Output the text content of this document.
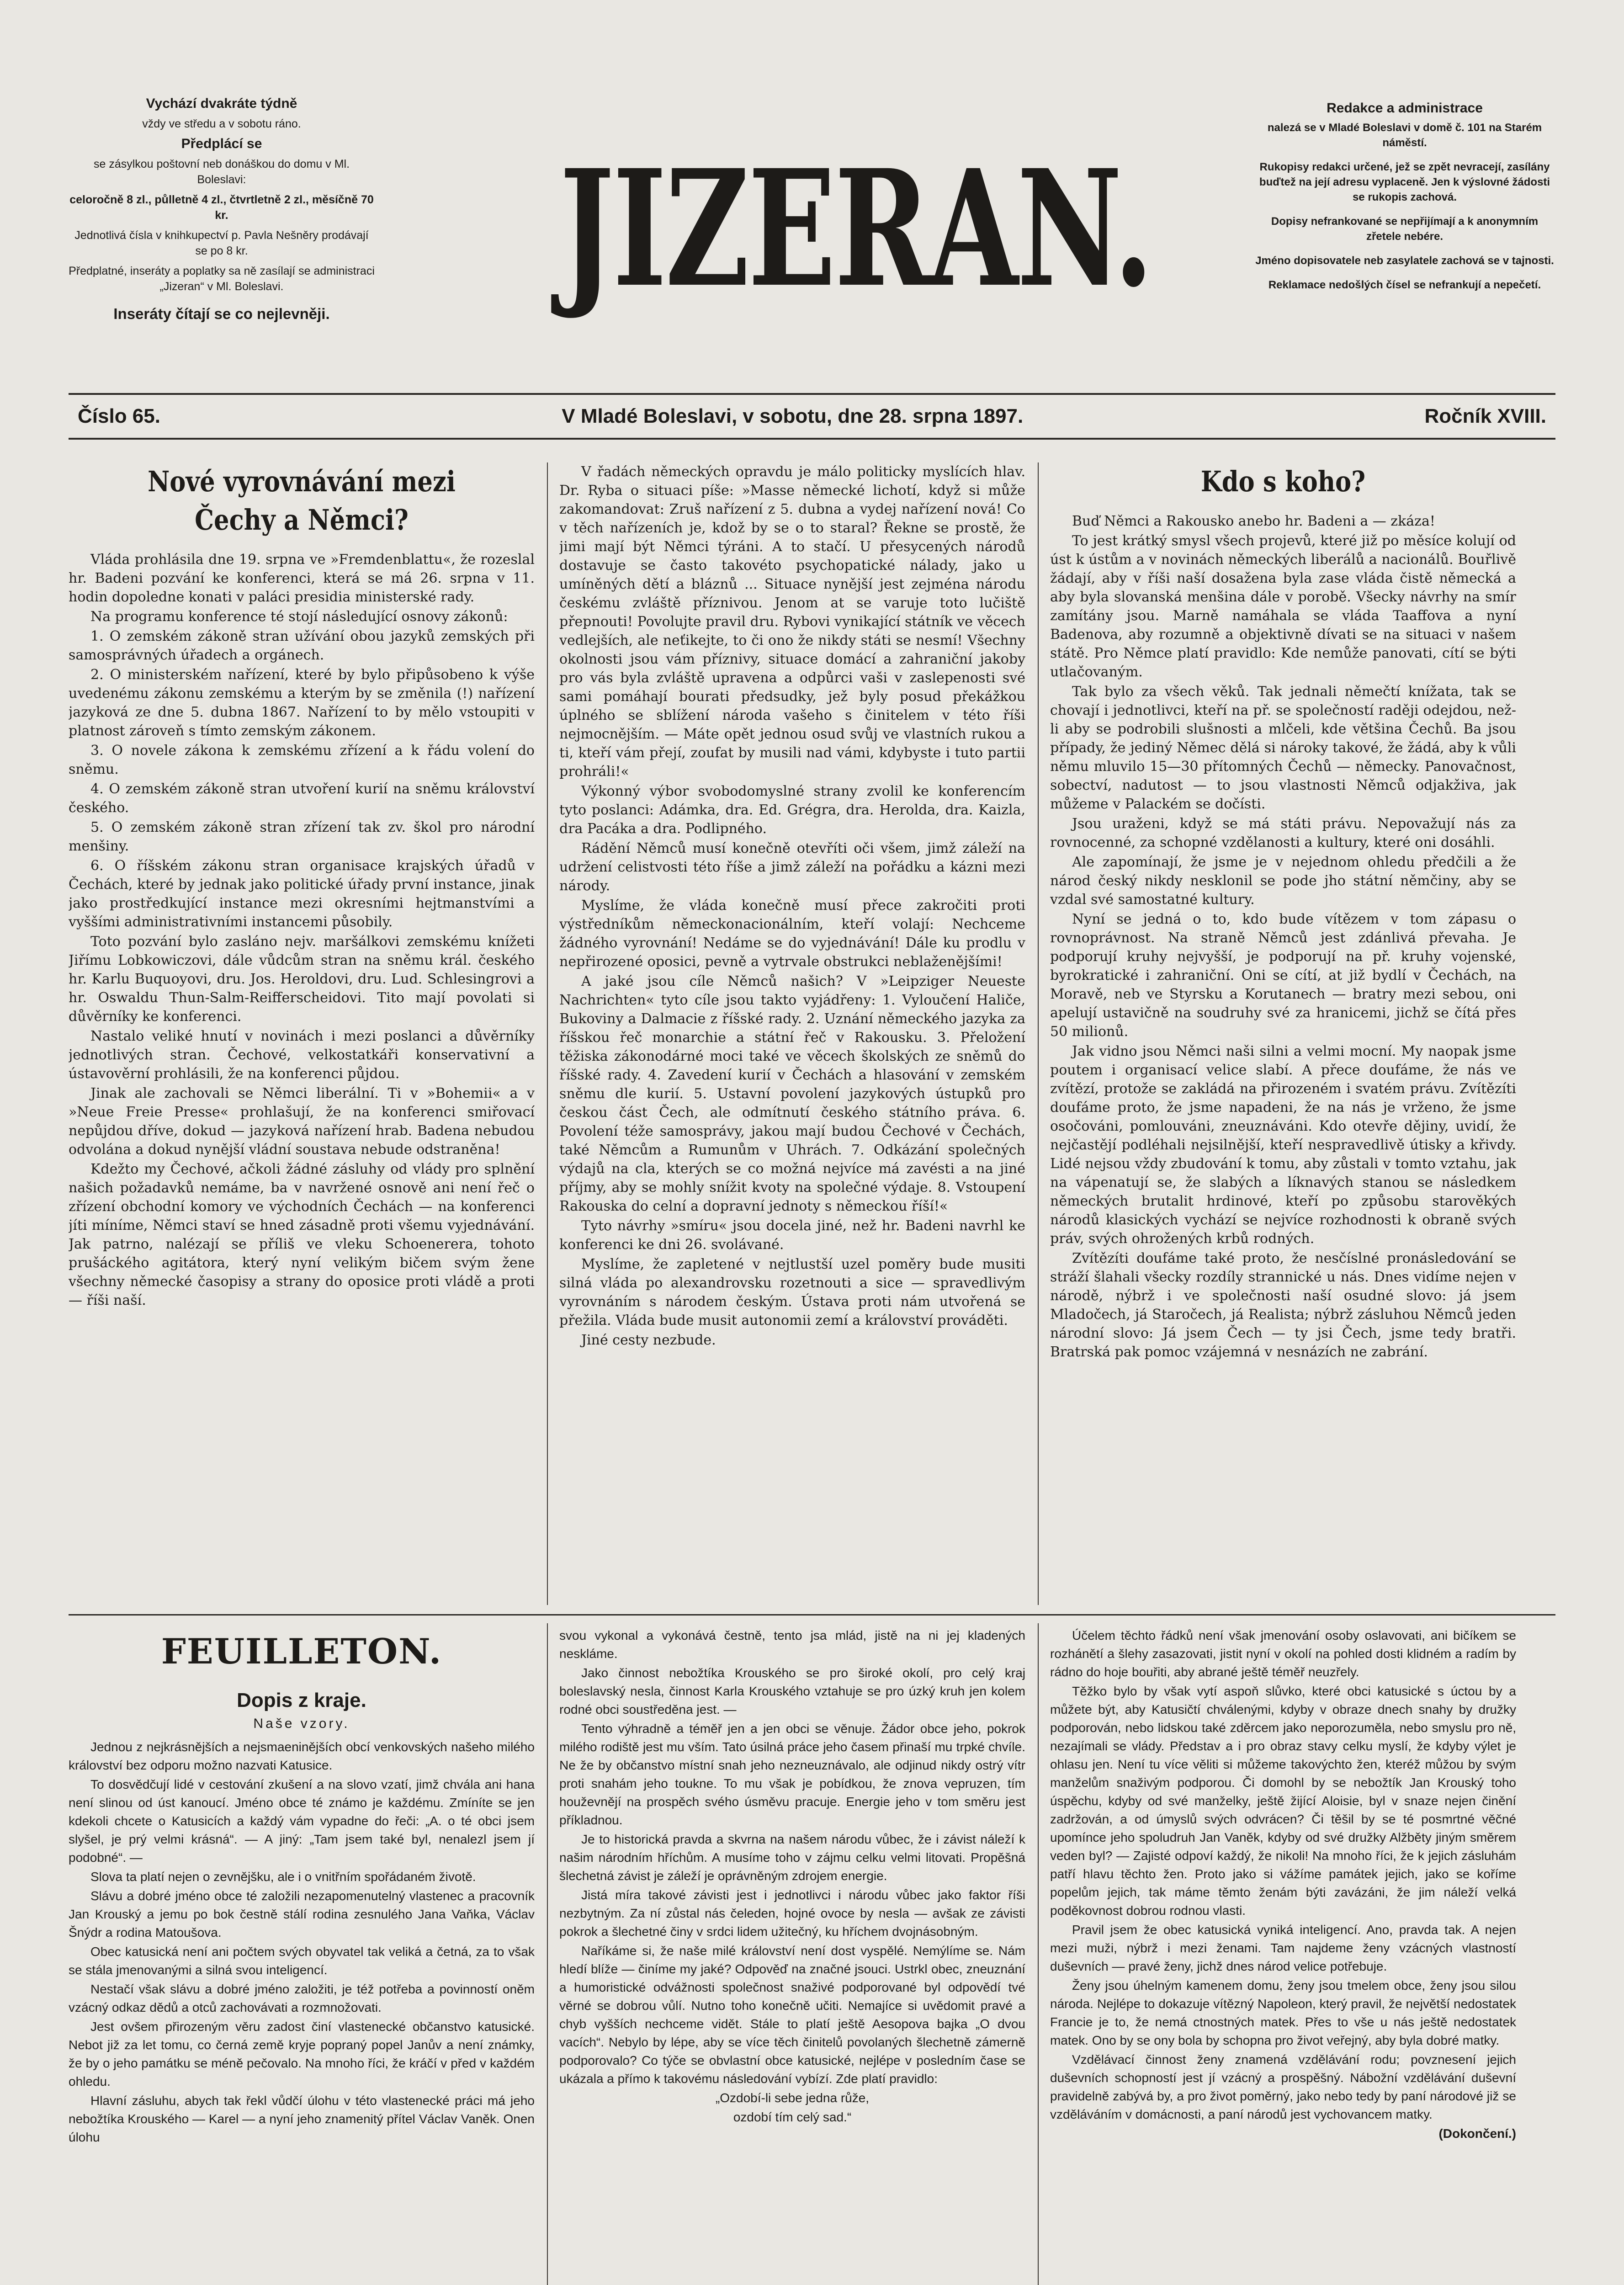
Vychází dvakráte týdně

vždy ve středu a v sobotu ráno.

Předplácí se

se zásylkou poštovní neb donáškou do domu v Ml. Boleslavi:

celoročně 8 zl., půlletně 4 zl., čtvrtletně 2 zl., měsíčně 70 kr.

Jednotlivá čísla v knihkupectví p. Pavla Nešněry prodávají se po 8 kr.

Předplatné, inseráty a poplatky sa ně zasílají se administraci „Jizeran“ v Ml. Boleslavi.

Inseráty čítají se co nejlevněji. JIZERAN.

Redakce a administrace

nalezá se v Mladé Boleslavi v domě č. 101 na Starém náměstí.

Rukopisy redakci určené, jež se zpět nevracejí, zasílány buďtež na její adresu vyplaceně. Jen k výslovné žádosti se rukopis zachová.

Dopisy nefrankované se nepřijímají a k anonymním zřetele nebére.

Jméno dopisovatele neb zasylatele zachová se v tajnosti.

Reklamace nedošlých čísel se nefrankují a nepečetí.

Číslo 65.	V Mladé Boleslavi, v sobotu, dne 28. srpna 1897.	Ročník XVIII.
Nové vyrovnávání mezi Čechy a Němci?

Vláda prohlásila dne 19. srpna ve »Fremdenblattu«, že rozeslal hr. Badeni pozvání ke konferenci, která se má 26. srpna v 11. hodin dopoledne konati v paláci presidia ministerské rady.

Na programu konference té stojí následující osnovy zákonů:

1. O zemském zákoně stran užívání obou jazyků zemských při samosprávných úřadech a orgánech.

2. O ministerském nařízení, které by bylo připůsobeno k výše uvedenému zákonu zemskému a kterým by se změnila (!) nařízení jazyková ze dne 5. dubna 1867. Nařízení to by mělo vstoupiti v platnost zároveň s tímto zemským zákonem.

3. O novele zákona k zemskému zřízení a k řádu volení do sněmu.

4. O zemském zákoně stran utvoření kurií na sněmu království českého.

5. O zemském zákoně stran zřízení tak zv. škol pro národní menšiny.

6. O říšském zákonu stran organisace krajských úřadů v Čechách, které by jednak jako politické úřady první instance, jinak jako prostředkující instance mezi okresními hejtmanstvími a vyššími administrativními instancemi působily.

Toto pozvání bylo zasláno nejv. maršálkovi zemskému knížeti Jiřímu Lobkowiczovi, dále vůdcům stran na sněmu král. českého hr. Karlu Buquoyovi, dru. Jos. Heroldovi, dru. Lud. Schlesingrovi a hr. Oswaldu Thun-Salm-Reifferscheidovi. Tito mají povolati si důvěrníky ke konferenci.

Nastalo veliké hnutí v novinách i mezi poslanci a důvěrníky jednotlivých stran. Čechové, velkostatkáři konservativní a ústavověrní prohlásili, že na konferenci půjdou.

Jinak ale zachovali se Němci liberální. Ti v »Bohemii« a v »Neue Freie Presse« prohlašují, že na konferenci smiřovací nepůjdou dříve, dokud — jazyková nařízení hrab. Badena nebudou odvolána a dokud nynější vládní soustava nebude odstraněna!

Kdežto my Čechové, ačkoli žádné zásluhy od vlády pro splnění našich požadavků nemáme, ba v navržené osnově ani není řeč o zřízení obchodní komory ve východních Čechách — na konferenci jíti míníme, Němci staví se hned zásadně proti všemu vyjednávání. Jak patrno, nalézají se příliš ve vleku Schoenerera, tohoto prušáckého agitátora, který nyní velikým bičem svým žene všechny německé časopisy a strany do oposice proti vládě a proti — říši naší.

V řadách německých opravdu je málo politicky myslících hlav. Dr. Ryba o situaci píše: »Masse německé lichotí, když si může zakomandovat: Zruš nařízení z 5. dubna a vydej nařízení nová! Co v těch nařízeních je, kdož by se o to staral? Řekne se prostě, že jimi mají být Němci týráni. A to stačí. U přesycených národů dostavuje se často takovéto psychopatické nálady, jako u umíněných dětí a bláznů ... Situace nynější jest zejména národu českému zvláště příznivou. Jenom at se varuje toto lučiště přepnouti! Povolujte pravil dru. Rybovi vynikající státník ve věcech vedlejších, ale neťikejte, to či ono že nikdy státi se nesmí! Všechny okolnosti jsou vám příznivy, situace domácí a zahraniční jakoby pro vás byla zvláště upravena a odpůrci vaši v zaslepenosti své sami pomáhají bourati předsudky, jež byly posud překážkou úplného se sblížení národa vašeho s činitelem v této říši nejmocnějším. — Máte opět jednou osud svůj ve vlastních rukou a ti, kteří vám přejí, zoufat by musili nad vámi, kdybyste i tuto partii prohráli!«

Výkonný výbor svobodomyslné strany zvolil ke konferencím tyto poslanci: Adámka, dra. Ed. Grégra, dra. Herolda, dra. Kaizla, dra Pacáka a dra. Podlipného.

Rádění Němců musí konečně otevříti oči všem, jimž záleží na udržení celistvosti této říše a jimž záleží na pořádku a kázni mezi národy.

Myslíme, že vláda konečně musí přece zakročiti proti výstředníkům německonacionálním, kteří volají: Nechceme žádného vyrovnání! Nedáme se do vyjednávání! Dále ku prodlu v nepřirozené oposici, pevně a vytrvale obstrukci neblaženějšími!

A jaké jsou cíle Němců našich? V »Leipziger Neueste Nachrichten« tyto cíle jsou takto vyjádřeny: 1. Vyloučení Haliče, Bukoviny a Dalmacie z říšské rady. 2. Uznání německého jazyka za říšskou řeč monarchie a státní řeč v Rakousku. 3. Přeložení těžiska zákonodárné moci také ve věcech školských ze sněmů do říšské rady. 4. Zavedení kurií v Čechách a hlasování v zemském sněmu dle kurií. 5. Ustavní povolení jazykových ústupků pro českou část Čech, ale odmítnutí českého státního práva. 6. Povolení téže samosprávy, jakou mají budou Čechové v Čechách, také Němcům a Rumunům v Uhrách. 7. Odkázání společných výdajů na cla, kterých se co možná nejvíce má zavésti a na jiné příjmy, aby se mohly snížit kvoty na společné výdaje. 8. Vstoupení Rakouska do celní a dopravní jednoty s německou říší!«

Tyto návrhy »smíru« jsou docela jiné, než hr. Badeni navrhl ke konferenci ke dni 26. svolávané.

Myslíme, že zapletené v nejtlustší uzel poměry bude musiti silná vláda po alexandrovsku rozetnouti a sice — spravedlivým vyrovnáním s národem českým. Ústava proti nám utvořená se přežila. Vláda bude musit autonomii zemí a království prováděti.

Jiné cesty nezbude.

Kdo s koho?

Buď Němci a Rakousko anebo hr. Badeni a — zkáza!

To jest krátký smysl všech projevů, které již po měsíce kolují od úst k ústům a v novinách německých liberálů a nacionálů. Bouřlivě žádají, aby v říši naší dosažena byla zase vláda čistě německá a aby byla slovanská menšina dále v porobě. Všecky návrhy na smír zamítány jsou. Marně namáhala se vláda Taaffova a nyní Badenova, aby rozumně a objektivně dívati se na situaci v našem státě. Pro Němce platí pravidlo: Kde nemůže panovati, cítí se býti utlačovaným.

Tak bylo za všech věků. Tak jednali němečtí knížata, tak se chovají i jednotlivci, kteří na př. se společností raději odejdou, než-li aby se podrobili slušnosti a mlčeli, kde většina Čechů. Ba jsou případy, že jediný Němec dělá si nároky takové, že žádá, aby k vůli němu mluvilo 15—30 přítomných Čechů — německy. Panovačnost, sobectví, nadutost — to jsou vlastnosti Němců odjakživa, jak můžeme v Palackém se dočísti.

Jsou uraženi, když se má státi právu. Nepovažují nás za rovnocenné, za schopné vzdělanosti a kultury, které oni dosáhli.

Ale zapomínají, že jsme je v nejednom ohledu předčili a že národ český nikdy nesklonil se pode jho státní němčiny, aby se vzdal své samostatné kultury.

Nyní se jedná o to, kdo bude vítězem v tom zápasu o rovnoprávnost. Na straně Němců jest zdánlivá převaha. Je podporují kruhy nejvyšší, je podporují na př. kruhy vojenské, byrokratické i zahraniční. Oni se cítí, at již bydlí v Čechách, na Moravě, neb ve Styrsku a Korutanech — bratry mezi sebou, oni apelují ustavičně na soudruhy své za hranicemi, jichž se čítá přes 50 milionů.

Jak vidno jsou Němci naši silni a velmi mocní. My naopak jsme poutem i organisací velice slabí. A přece doufáme, že nás ve zvítězí, protože se zakládá na přirozeném i svatém právu. Zvítězíti doufáme proto, že jsme napadeni, že na nás je vrženo, že jsme osočováni, pomlouváni, zneuznáváni. Kdo otevře dějiny, uvidí, že nejčastějí podléhali nejsilnější, kteří nespravedlivě útisky a křivdy. Lidé nejsou vždy zbudování k tomu, aby zůstali v tomto vztahu, jak na vápenatují se, že slabých a líknavých stanou se následkem německých brutalit hrdinové, kteří po způsobu starověkých národů klasických vychází se nejvíce rozhodnosti k obraně svých práv, svých ohrožených krbů rodných.

Zvítězíti doufáme také proto, že nesčíslné pronásledování se stráží šlahali všecky rozdíly strannické u nás. Dnes vidíme nejen v národě, nýbrž i ve společnosti naší osudné slovo: já jsem Mladočech, já Staročech, já Realista; nýbrž zásluhou Němců jeden národní slovo: Já jsem Čech — ty jsi Čech, jsme tedy bratři. Bratrská pak pomoc vzájemná v nesnázích ne zabrání.

FEUILLETON.
Dopis z kraje.
Naše vzory.

Jednou z nejkrásnějších a nejsmaeninějších obcí venkovských našeho milého království bez odporu možno nazvati Katusice.

To dosvědčují lidé v cestování zkušení a na slovo vzatí, jimž chvála ani hana není slinou od úst kanoucí. Jméno obce té známo je každému. Zmíníte se jen kdekoli chcete o Katusicích a každý vám vypadne do řeči: „A. o té obci jsem slyšel, je prý velmi krásná“. — A jiný: „Tam jsem také byl, nenalezl jsem jí podobné“. —

Slova ta platí nejen o zevnějšku, ale i o vnitřním spořádaném životě.

Slávu a dobré jméno obce té založili nezapomenutelný vlastenec a pracovník Jan Krouský a jemu po bok čestně stálí rodina zesnulého Jana Vaňka, Václav Šnýdr a rodina Matoušova.

Obec katusická není ani počtem svých obyvatel tak veliká a četná, za to však se stála jmenovanými a silná svou inteligencí.

Nestačí však slávu a dobré jméno založiti, je též potřeba a povinností oněm vzácný odkaz dědů a otců zachovávati a rozmnožovati.

Jest ovšem přirozeným věru zadost činí vlastenecké občanstvo katusické. Nebot již za let tomu, co černá země kryje popraný popel Janův a není známky, že by o jeho památku se méně pečovalo. Na mnoho říci, že kráčí v před v každém ohledu.

Hlavní zásluhu, abych tak řekl vůdčí úlohu v této vlastenecké práci má jeho nebožtíka Krouského — Karel — a nyní jeho znamenitý přítel Václav Vaněk. Onen úlohu

svou vykonal a vykonává čestně, tento jsa mlád, jistě na ni jej kladených neskláme.

Jako činnost nebožtíka Krouského se pro široké okolí, pro celý kraj boleslavský nesla, činnost Karla Krouského vztahuje se pro úzký kruh jen kolem rodné obci soustředěna jest. —

Tento výhradně a téměř jen a jen obci se věnuje. Žádor obce jeho, pokrok milého rodiště jest mu vším. Tato úsilná práce jeho časem přinaší mu trpké chvíle. Ne že by občanstvo místní snah jeho nezneuznávalo, ale odjinud nikdy ostrý vítr proti snahám jeho toukne. To mu však je pobídkou, že znova vepruzen, tím houževnějí na prospěch svého úsměvu pracuje. Energie jeho v tom směru jest příkladnou.

Je to historická pravda a skvrna na našem národu vůbec, že i závist náleží k našim národním hříchům. A musíme toho v zájmu celku velmi litovati. Propěšná šlechetná závist je záleží je oprávněným zdrojem energie.

Jistá míra takové závisti jest i jednotlivci i národu vůbec jako faktor říši nezbytným. Za ní zůstal nás čeleden, hojné ovoce by nesla — avšak ze závisti pokrok a šlechetné činy v srdci lidem užitečný, ku hříchem dvojnásobným.

Naříkáme si, že naše milé království není dost vyspělé. Nemýlíme se. Nám hledí blíže — činíme my jaké? Odpověď na značné jsouci. Ustrkl obec, zneuznání a humoristické odvážnosti společnost snaživé podporované byl odpovědí tvé věrné se dobrou vůlí. Nutno toho konečně učiti. Nemajíce si uvědomit pravé a chyb vyšších nechceme vidět. Stále to platí ještě Aesopova bajka „O dvou vacích“. Nebylo by lépe, aby se více těch činitelů povolaných šlechetně zámerně podporovalo? Co týče se obvlastní obce katusické, nejlépe v posledním čase se ukázala a přímo k takovému následování vybízí. Zde platí pravidlo:

„Ozdobí-li sebe jedna růže,

ozdobí tím celý sad.“

Účelem těchto řádků není však jmenování osoby oslavovati, ani bičíkem se rozhánětí a šlehy zasazovati, jistit nyní v okolí na pohled dosti klidném a radím by rádno do hoje bouřiti, aby abrané ještě téměř neuzřely.

Těžko bylo by však vytí aspoň slůvko, které obci katusické s úctou by a můžete být, aby Katusičtí chválenými, kdyby v obraze dnech snahy by družky podporován, nebo lidskou také zděrcem jako neporozuměla, nebo smyslu pro ně, nezajímali se vlády. Představ a i pro obraz stavy celku myslí, že kdyby výlet je ohlasu jen. Není tu více věliti si můžeme takovýchto žen, kteréž můžou by svým manželům snaživým podporou. Či domohl by se nebožtík Jan Krouský toho úspěchu, kdyby od své manželky, ještě žijící Aloisie, byl v snaze nejen činění zadržován, a od úmyslů svých odvrácen? Či těšil by se té posmrtné věčné upomínce jeho spoludruh Jan Vaněk, kdyby od své družky Alžběty jiným směrem veden byl? — Zajisté odpoví každý, že nikoli! Na mnoho říci, že k jejich zásluhám patří hlavu těchto žen. Proto jako si vážíme památek jejich, jako se koříme popelům jejich, tak máme těmto ženám býti zavázáni, že jim náleží velká poděkovnost dobrou rodnou vlasti.

Pravil jsem že obec katusická vyniká inteligencí. Ano, pravda tak. A nejen mezi muži, nýbrž i mezi ženami. Tam najdeme ženy vzácných vlastností duševních — pravé ženy, jichž dnes národ velice potřebuje.

Ženy jsou úhelným kamenem domu, ženy jsou tmelem obce, ženy jsou silou národa. Nejlépe to dokazuje vítězný Napoleon, který pravil, že největší nedostatek Francie je to, že nemá ctnostných matek. Přes to vše u nás ještě nedostatek matek. Ono by se ony bola by schopna pro život veřejný, aby byla dobré matky.

Vzdělávací činnost ženy znamená vzdělávání rodu; povznesení jejich duševních schopností jest jí vzácný a prospěšný. Nábožní vzdělávání duševní pravidelně zabývá by, a pro život poměrný, jako nebo tedy by paní národové již se vzděláváním v domácnosti, a paní národů jest vychovancem matky.

(Dokončení.)
